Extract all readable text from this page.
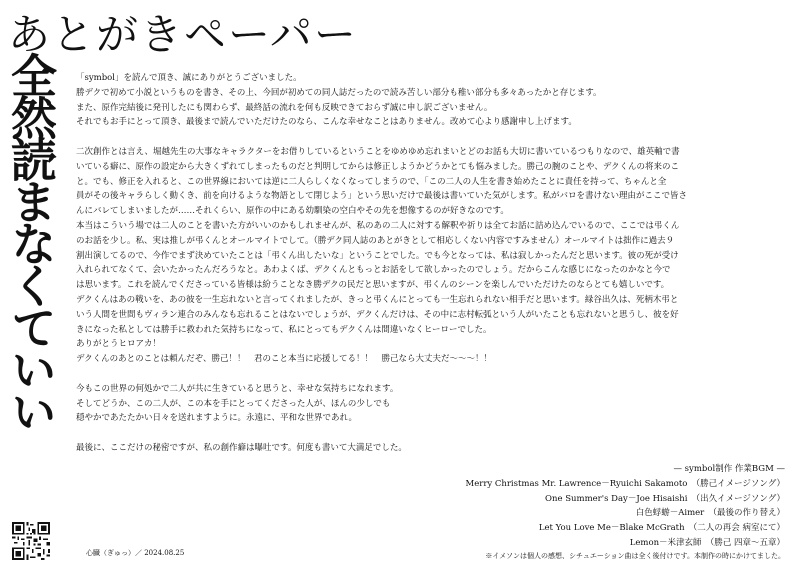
あとがきペーパー
全然読まなくていい 「symbol」を読んで頂き、誠にありがとうございました。

勝デクで初めて小説というものを書き、その上、今回が初めての同人誌だったので読み苦しい部分も稚い部分も多々あったかと存じます。

また、原作完結後に発刊したにも関わらず、最終話の流れを何も反映できておらず誠に申し訳ございません。

それでもお手にとって頂き、最後まで読んでいただけたのなら、こんな幸せなことはありません。改めて心より感謝申し上げます。

二次創作とは言え、堀越先生の大事なキャラクターをお借りしているということをゆめゆめ忘れまいとどのお話も大切に書いているつもりなので、雄英軸で書

いている癖に、原作の設定から大きくずれてしまったものだと判明してからは修正しようかどうかとても悩みました。勝己の腕のことや、デクくんの将来のこ

と。でも、修正を入れると、この世界線においては逆に二人らしくなくなってしまうので、「この二人の人生を書き始めたことに責任を持って、ちゃんと全

員がその後キャラらしく動くき、前を向けるような物語として閉じよう」という思いだけで最後は書いていた気がします。私がバロを書けない理由がここで皆さ

んにバレてしまいましたが……それくらい、原作の中にある幼馴染の空白やその先を想像するのが好きなのです。

本当はこういう場では二人のことを書いた方がいいのかもしれませんが、私のあの二人に対する解釈や祈りは全てお話に詰め込んでいるので、ここでは弔くん

のお話を少し。私、実は推しが弔くんとオールマイトでして。（勝デク同人誌のあとがきとして相応しくない内容ですみません）オールマイトは拙作に過去９

割出演してるので、今作でまず決めていたことは「弔くん出したいな」ということでした。でも今となっては、私は寂しかったんだと思います。彼の死が受け

入れられてなくて、会いたかったんだろうなと。あわよくば、デクくんともっとお話をして欲しかったのでしょう。だからこんな感じになったのかなと今で

は思います。これを読んでくださっている皆様は紛うことなき勝デクの民だと思いますが、弔くんのシーンを楽しんでいただけたのならとても嬉しいです。

デクくんはあの戦いを、あの彼を一生忘れないと言ってくれましたが、きっと弔くんにとっても一生忘れられない相手だと思います。緑谷出久は、死柄木弔と

いう人間を世間もヴィラン連合のみんなも忘れることはないでしょうが、デクくんだけは、その中に志村転弧という人がいたことも忘れないと思うし、彼を好

きになった私としては勝手に救われた気持ちになって、私にとってもデクくんは間違いなくヒーローでした。

ありがとうヒロアカ！

デクくんのあとのことは頼んだぞ、勝己！！　君のこと本当に応援してる！！　勝己なら大丈夫だ〜〜〜！！

今もこの世界の何処かで二人が共に生きていると思うと、幸せな気持ちになれます。

そしてどうか、この二人が、この本を手にとってくださった人が、ほんの少しでも

穏やかであたたかい日々を送れますように。永遠に、平和な世界であれ。

最後に、ここだけの秘密ですが、私の創作癖は曝吐です。何度も書いて大満足でした。

— symbol制作 作業BGM —
Merry Christmas Mr. Lawrence－Ryuichi Sakamoto　（勝己イメージソング）
One Summer's Day－Joe Hisaishi　（出久イメージソング）
白色蜉蝣－Aimer　（最後の作り替え）
Let You Love Me－Blake McGrath　（二人の再会 病室にて）
Lemon－米津玄師　（勝己 四章〜五章）
※イメソンは個人の感想、シチュエーション曲は全く後付けです。本制作の時にかけてました。
心臓（ぎゅっ）／ 2024.08.25
